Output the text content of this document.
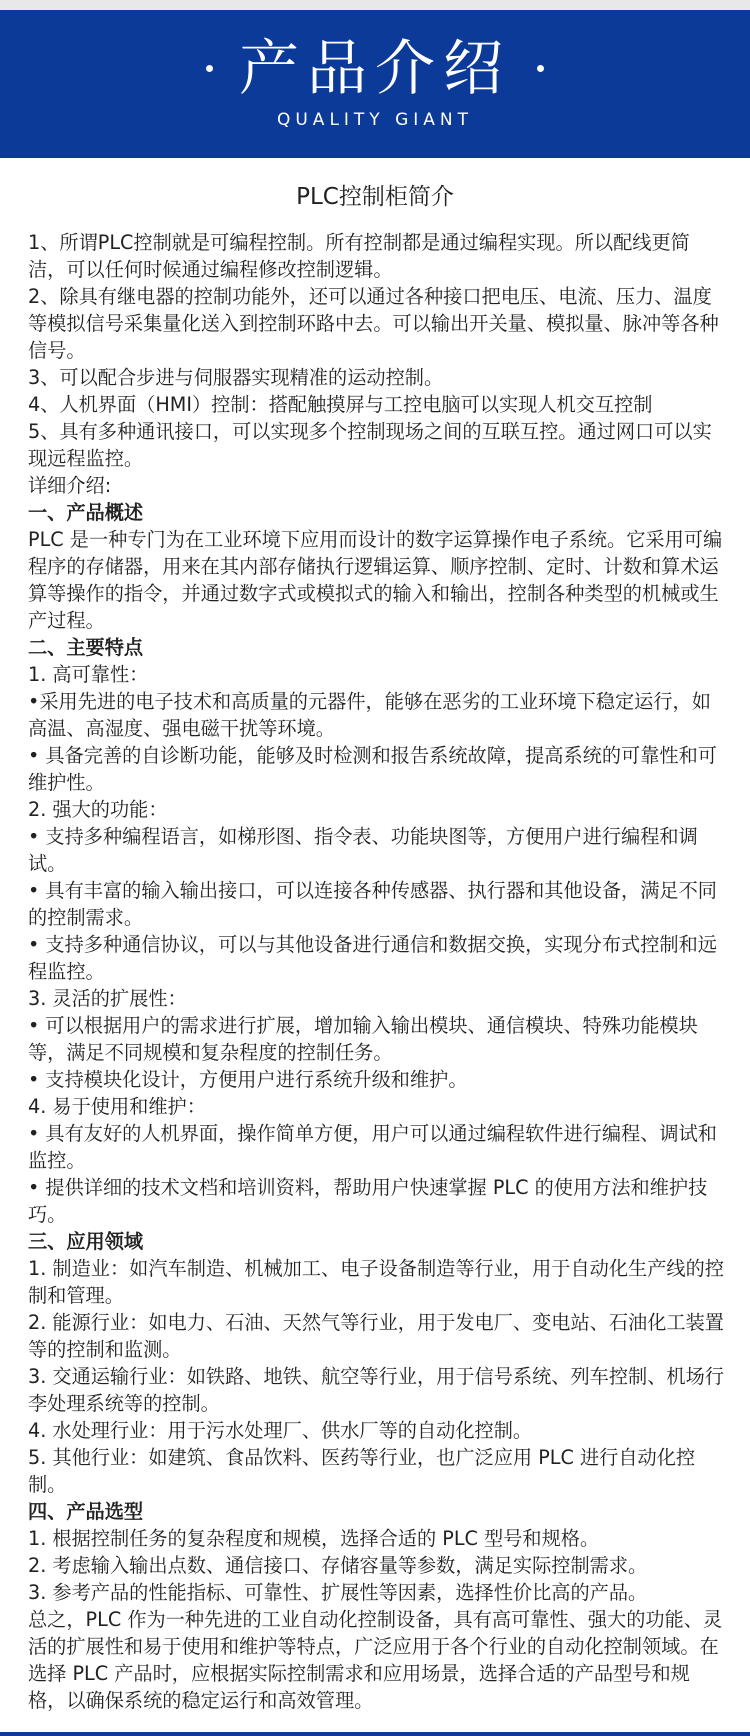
产品介绍
QUALITY GIANT
PLC控制柜简介

1、所谓PLC控制就是可编程控制。所有控制都是通过编程实现。所以配线更简洁，可以任何时候通过编程修改控制逻辑。

2、除具有继电器的控制功能外，还可以通过各种接口把电压、电流、压力、温度等模拟信号采集量化送入到控制环路中去。可以输出开关量、模拟量、脉冲等各种信号。

3、可以配合步进与伺服器实现精准的运动控制。

4、人机界面（HMI）控制：搭配触摸屏与工控电脑可以实现人机交互控制

5、具有多种通讯接口，可以实现多个控制现场之间的互联互控。通过网口可以实现远程监控。

详细介绍:

一、产品概述

PLC 是一种专门为在工业环境下应用而设计的数字运算操作电子系统。它采用可编程序的存储器，用来在其内部存储执行逻辑运算、顺序控制、定时、计数和算术运算等操作的指令，并通过数字式或模拟式的输入和输出，控制各种类型的机械或生产过程。

二、主要特点

1. 高可靠性：

•采用先进的电子技术和高质量的元器件，能够在恶劣的工业环境下稳定运行，如高温、高湿度、强电磁干扰等环境。

• 具备完善的自诊断功能，能够及时检测和报告系统故障，提高系统的可靠性和可维护性。

2. 强大的功能：

• 支持多种编程语言，如梯形图、指令表、功能块图等，方便用户进行编程和调试。

• 具有丰富的输入输出接口，可以连接各种传感器、执行器和其他设备，满足不同的控制需求。

• 支持多种通信协议，可以与其他设备进行通信和数据交换，实现分布式控制和远程监控。

3. 灵活的扩展性：

• 可以根据用户的需求进行扩展，增加输入输出模块、通信模块、特殊功能模块等，满足不同规模和复杂程度的控制任务。

• 支持模块化设计，方便用户进行系统升级和维护。

4. 易于使用和维护：

• 具有友好的人机界面，操作简单方便，用户可以通过编程软件进行编程、调试和监控。

• 提供详细的技术文档和培训资料，帮助用户快速掌握 PLC 的使用方法和维护技巧。

三、应用领域

1. 制造业：如汽车制造、机械加工、电子设备制造等行业，用于自动化生产线的控制和管理。

2. 能源行业：如电力、石油、天然气等行业，用于发电厂、变电站、石油化工装置等的控制和监测。

3. 交通运输行业：如铁路、地铁、航空等行业，用于信号系统、列车控制、机场行李处理系统等的控制。

4. 水处理行业：用于污水处理厂、供水厂等的自动化控制。

5. 其他行业：如建筑、食品饮料、医药等行业，也广泛应用 PLC 进行自动化控制。

四、产品选型

1. 根据控制任务的复杂程度和规模，选择合适的 PLC 型号和规格。

2. 考虑输入输出点数、通信接口、存储容量等参数，满足实际控制需求。

3. 参考产品的性能指标、可靠性、扩展性等因素，选择性价比高的产品。

总之，PLC 作为一种先进的工业自动化控制设备，具有高可靠性、强大的功能、灵活的扩展性和易于使用和维护等特点，广泛应用于各个行业的自动化控制领域。在选择 PLC 产品时，应根据实际控制需求和应用场景，选择合适的产品型号和规格，以确保系统的稳定运行和高效管理。
